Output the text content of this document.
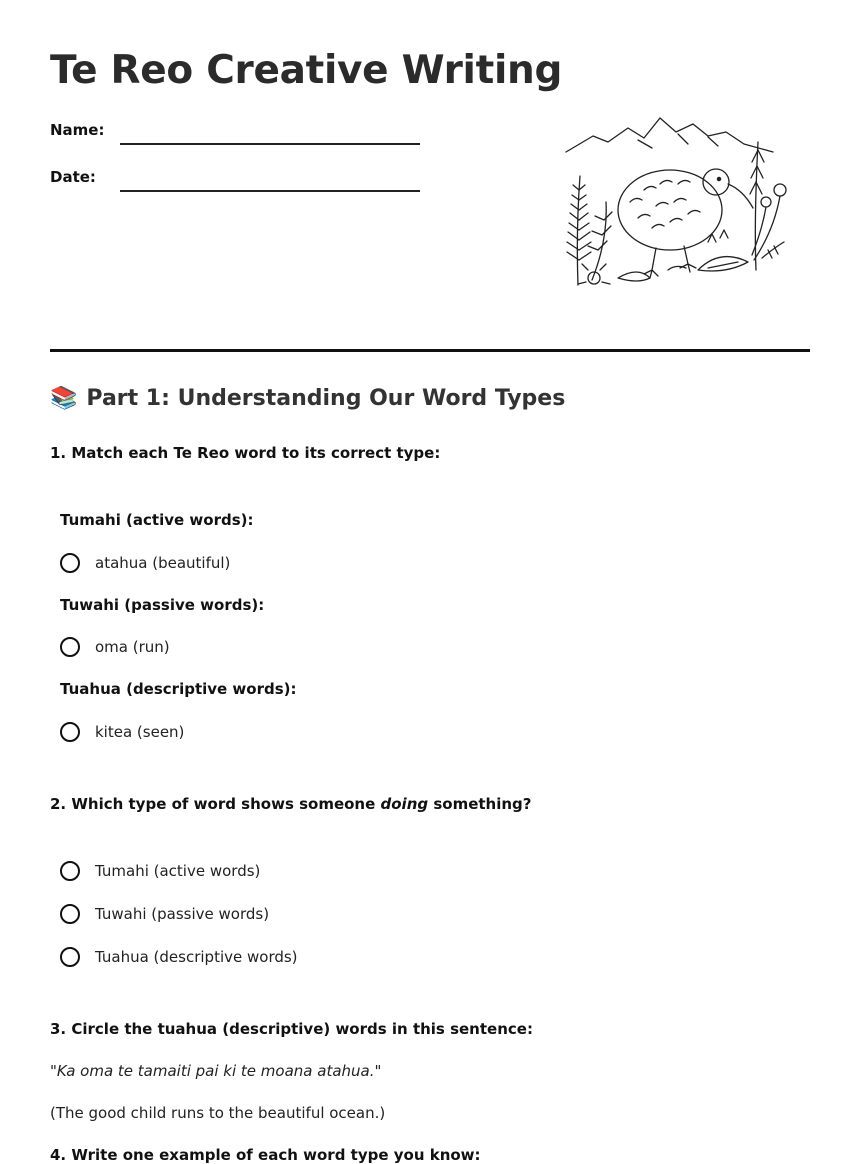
Te Reo Creative Writing
Name:
Date:
📚 Part 1: Understanding Our Word Types

1. Match each Te Reo word to its correct type:

Tumahi (active words):
atahua (beautiful)
Tuwahi (passive words):
oma (run)
Tuahua (descriptive words):
kitea (seen)

2. Which type of word shows someone doing something?

Tumahi (active words)
Tuwahi (passive words)
Tuahua (descriptive words)

3. Circle the tuahua (descriptive) words in this sentence:

"Ka oma te tamaiti pai ki te moana atahua."
(The good child runs to the beautiful ocean.)

4. Write one example of each word type you know:
